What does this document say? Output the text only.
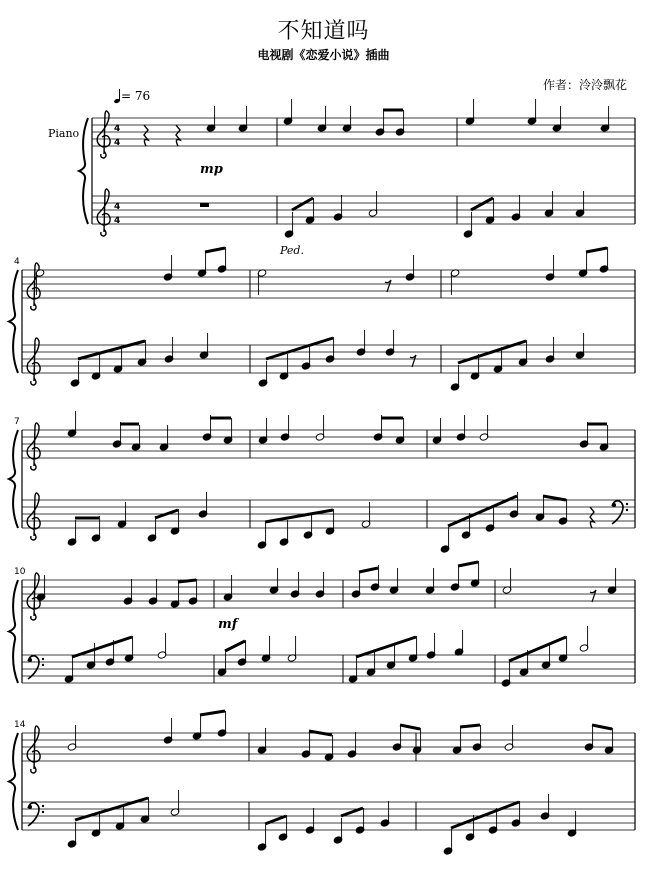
不知道吗
电视剧《恋爱小说》插曲
作者：泠泠飘花
= 76
Piano	4
4
4
4
4
7
10
14
mp
Ped.
mf
